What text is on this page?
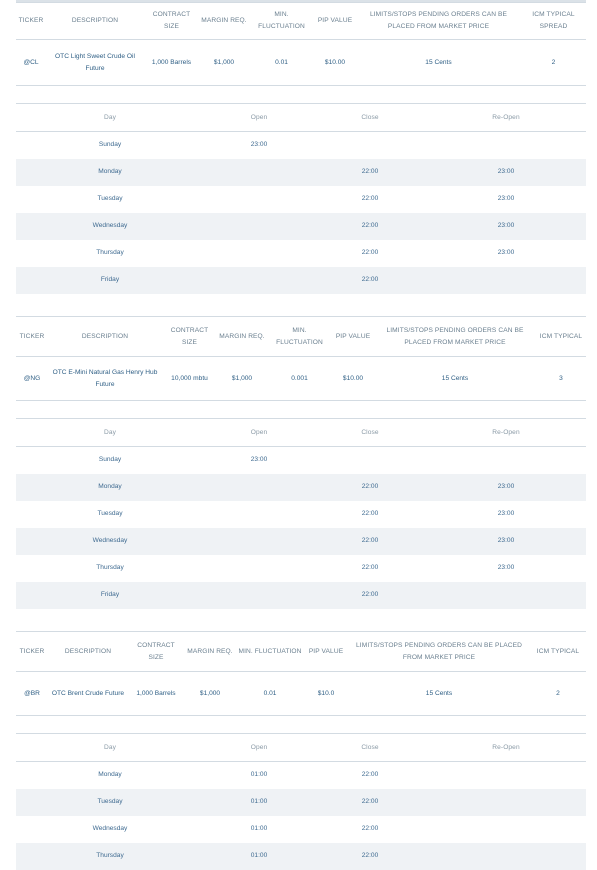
TICKER	DESCRIPTION	CONTRACT SIZE	MARGIN REQ.	MIN. FLUCTUATION	PIP VALUE	LIMITS/STOPS PENDING ORDERS CAN BE PLACED FROM MARKET PRICE	ICM TYPICAL SPREAD
@CL	OTC Light Sweet Crude Oil Future	1,000 Barrels	$1,000	0.01	$10.00	15 Cents	2
Day	Open	Close	Re-Open
Sunday	23:00		
Monday		22:00	23:00
Tuesday		22:00	23:00
Wednesday		22:00	23:00
Thursday		22:00	23:00
Friday		22:00	
TICKER	DESCRIPTION	CONTRACT SIZE	MARGIN REQ.	MIN. FLUCTUATION	PIP VALUE	LIMITS/STOPS PENDING ORDERS CAN BE PLACED FROM MARKET PRICE	ICM TYPICAL
@NG	OTC E-Mini Natural Gas Henry Hub Future	10,000 mbtu	$1,000	0.001	$10.00	15 Cents	3
Day	Open	Close	Re-Open
Sunday	23:00		
Monday		22:00	23:00
Tuesday		22:00	23:00
Wednesday		22:00	23:00
Thursday		22:00	23:00
Friday		22:00	
TICKER	DESCRIPTION	CONTRACT SIZE	MARGIN REQ.	MIN. FLUCTUATION	PIP VALUE	LIMITS/STOPS PENDING ORDERS CAN BE PLACED FROM MARKET PRICE	ICM TYPICAL
@BR	OTC Brent Crude Future	1,000 Barrels	$1,000	0.01	$10.0	15 Cents	2
Day	Open	Close	Re-Open
Monday	01:00	22:00	
Tuesday	01:00	22:00	
Wednesday	01:00	22:00	
Thursday	01:00	22:00	
